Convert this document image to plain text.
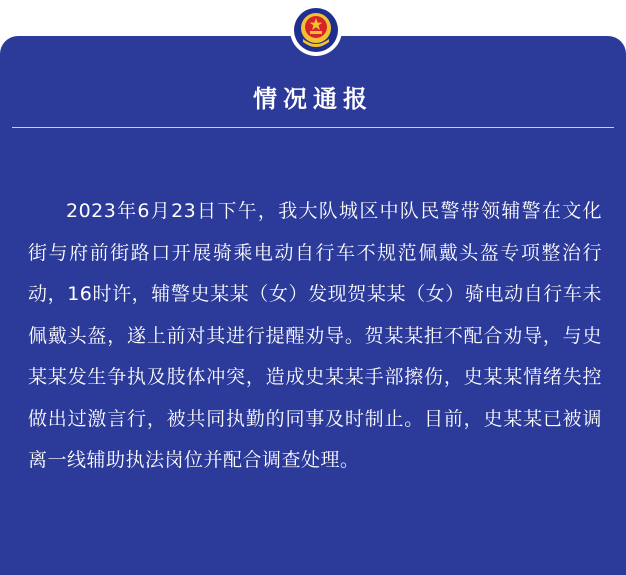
情况通报

2023年6月23日下午，我大队城区中队民警带领辅警在文化街与府前街路口开展骑乘电动自行车不规范佩戴头盔专项整治行动，16时许，辅警史某某（女）发现贺某某（女）骑电动自行车未佩戴头盔，遂上前对其进行提醒劝导。贺某某拒不配合劝导，与史某某发生争执及肢体冲突，造成史某某手部擦伤，史某某情绪失控做出过激言行，被共同执勤的同事及时制止。目前，史某某已被调离一线辅助执法岗位并配合调查处理。
